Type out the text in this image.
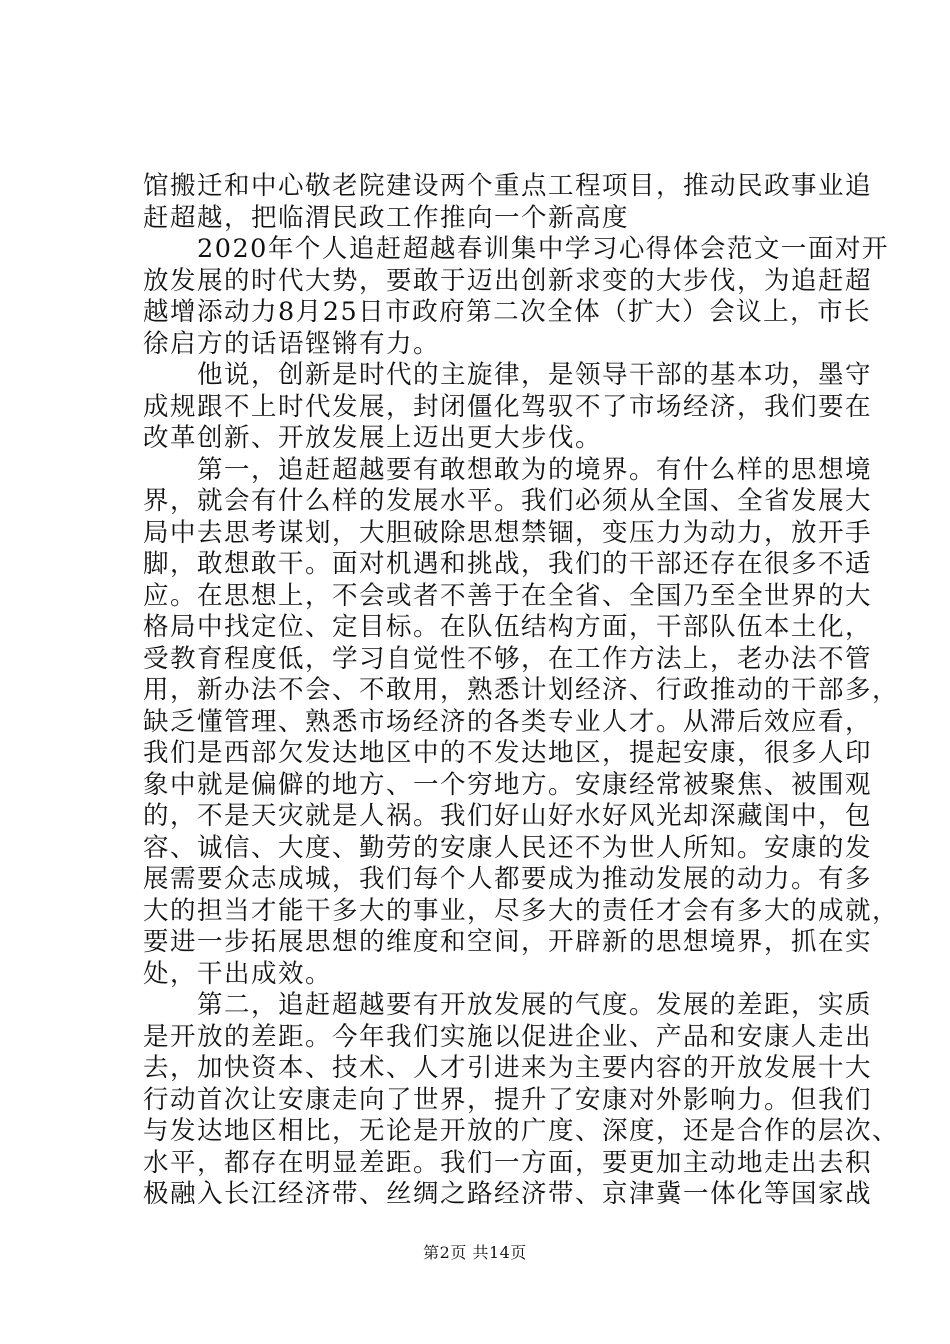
馆搬迁和中心敬老院建设两个重点工程项目，推动民政事业追
赶超越，把临渭民政工作推向一个新高度
　　2020年个人追赶超越春训集中学习心得体会范文一面对开
放发展的时代大势，要敢于迈出创新求变的大步伐，为追赶超
越增添动力8月25日市政府第二次全体（扩大）会议上，市长
徐启方的话语铿锵有力。
　　他说，创新是时代的主旋律，是领导干部的基本功，墨守
成规跟不上时代发展，封闭僵化驾驭不了市场经济，我们要在
改革创新、开放发展上迈出更大步伐。
　　第一，追赶超越要有敢想敢为的境界。有什么样的思想境
界，就会有什么样的发展水平。我们必须从全国、全省发展大
局中去思考谋划，大胆破除思想禁锢，变压力为动力，放开手
脚，敢想敢干。面对机遇和挑战，我们的干部还存在很多不适
应。在思想上，不会或者不善于在全省、全国乃至全世界的大
格局中找定位、定目标。在队伍结构方面，干部队伍本土化，
受教育程度低，学习自觉性不够，在工作方法上，老办法不管
用，新办法不会、不敢用，熟悉计划经济、行政推动的干部多，
缺乏懂管理、熟悉市场经济的各类专业人才。从滞后效应看，
我们是西部欠发达地区中的不发达地区，提起安康，很多人印
象中就是偏僻的地方、一个穷地方。安康经常被聚焦、被围观
的，不是天灾就是人祸。我们好山好水好风光却深藏闺中，包
容、诚信、大度、勤劳的安康人民还不为世人所知。安康的发
展需要众志成城，我们每个人都要成为推动发展的动力。有多
大的担当才能干多大的事业，尽多大的责任才会有多大的成就，
要进一步拓展思想的维度和空间，开辟新的思想境界，抓在实
处，干出成效。
　　第二，追赶超越要有开放发展的气度。发展的差距，实质
是开放的差距。今年我们实施以促进企业、产品和安康人走出
去，加快资本、技术、人才引进来为主要内容的开放发展十大
行动首次让安康走向了世界，提升了安康对外影响力。但我们
与发达地区相比，无论是开放的广度、深度，还是合作的层次、
水平，都存在明显差距。我们一方面，要更加主动地走出去积
极融入长江经济带、丝绸之路经济带、京津冀一体化等国家战
第2页 共14页
